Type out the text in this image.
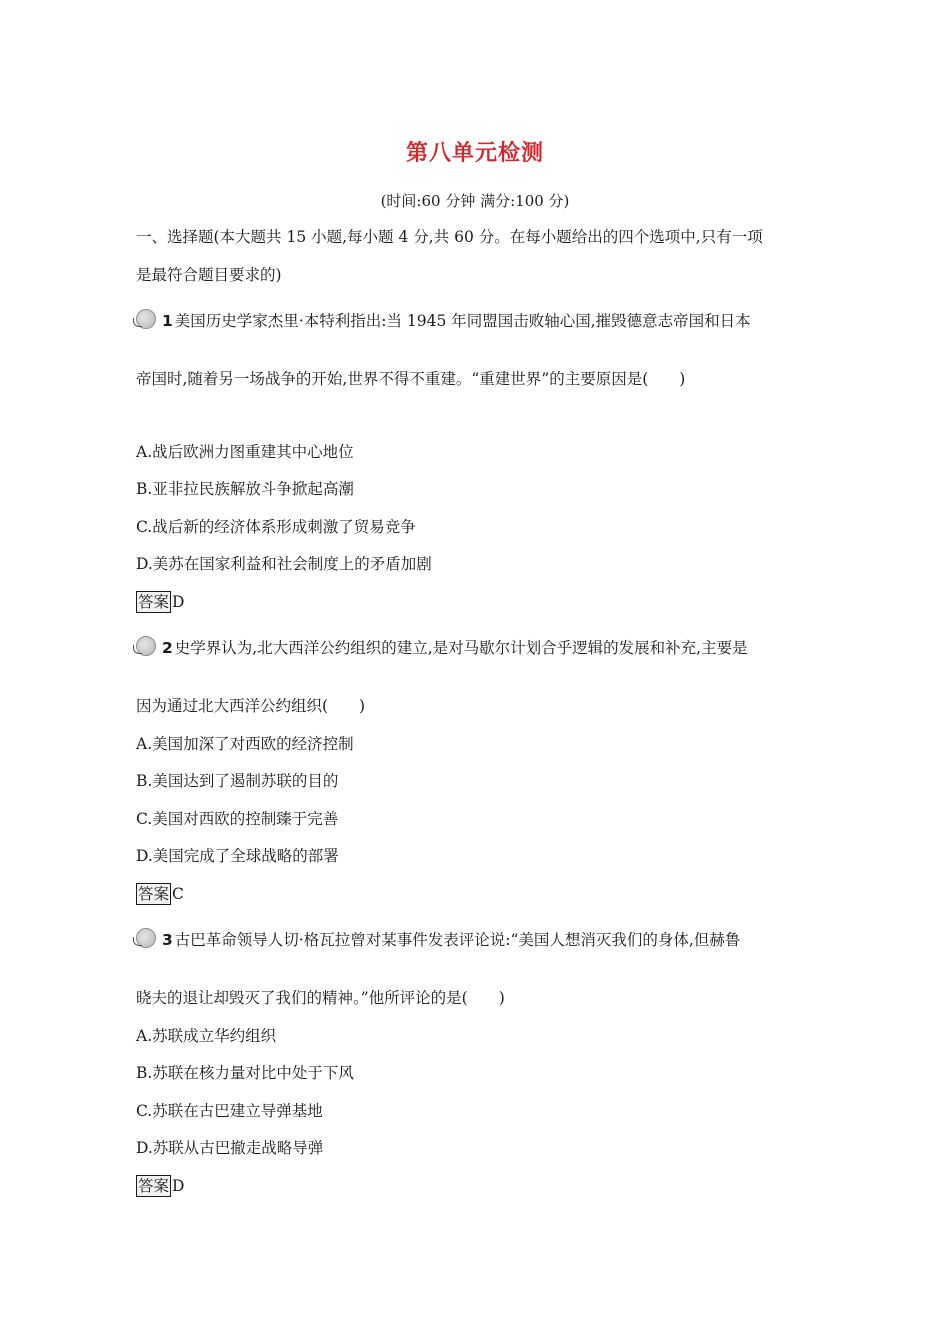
第八单元检测
(时间:60 分钟 满分:100 分)
一、选择题(本大题共 15 小题,每小题 4 分,共 60 分。在每小题给出的四个选项中,只有一项
是最符合题目要求的)
1 美国历史学家杰里·本特利指出:当 1945 年同盟国击败轴心国,摧毁德意志帝国和日本
帝国时,随着另一场战争的开始,世界不得不重建。“重建世界”的主要原因是(　　)
A.战后欧洲力图重建其中心地位
B.亚非拉民族解放斗争掀起高潮
C.战后新的经济体系形成刺激了贸易竞争
D.美苏在国家利益和社会制度上的矛盾加剧
答案 D
2 史学界认为,北大西洋公约组织的建立,是对马歇尔计划合乎逻辑的发展和补充,主要是
因为通过北大西洋公约组织(　　)
A.美国加深了对西欧的经济控制
B.美国达到了遏制苏联的目的
C.美国对西欧的控制臻于完善
D.美国完成了全球战略的部署
答案 C
3 古巴革命领导人切·格瓦拉曾对某事件发表评论说:“美国人想消灭我们的身体,但赫鲁
晓夫的退让却毁灭了我们的精神。”他所评论的是(　　)
A.苏联成立华约组织
B.苏联在核力量对比中处于下风
C.苏联在古巴建立导弹基地
D.苏联从古巴撤走战略导弹
答案 D
